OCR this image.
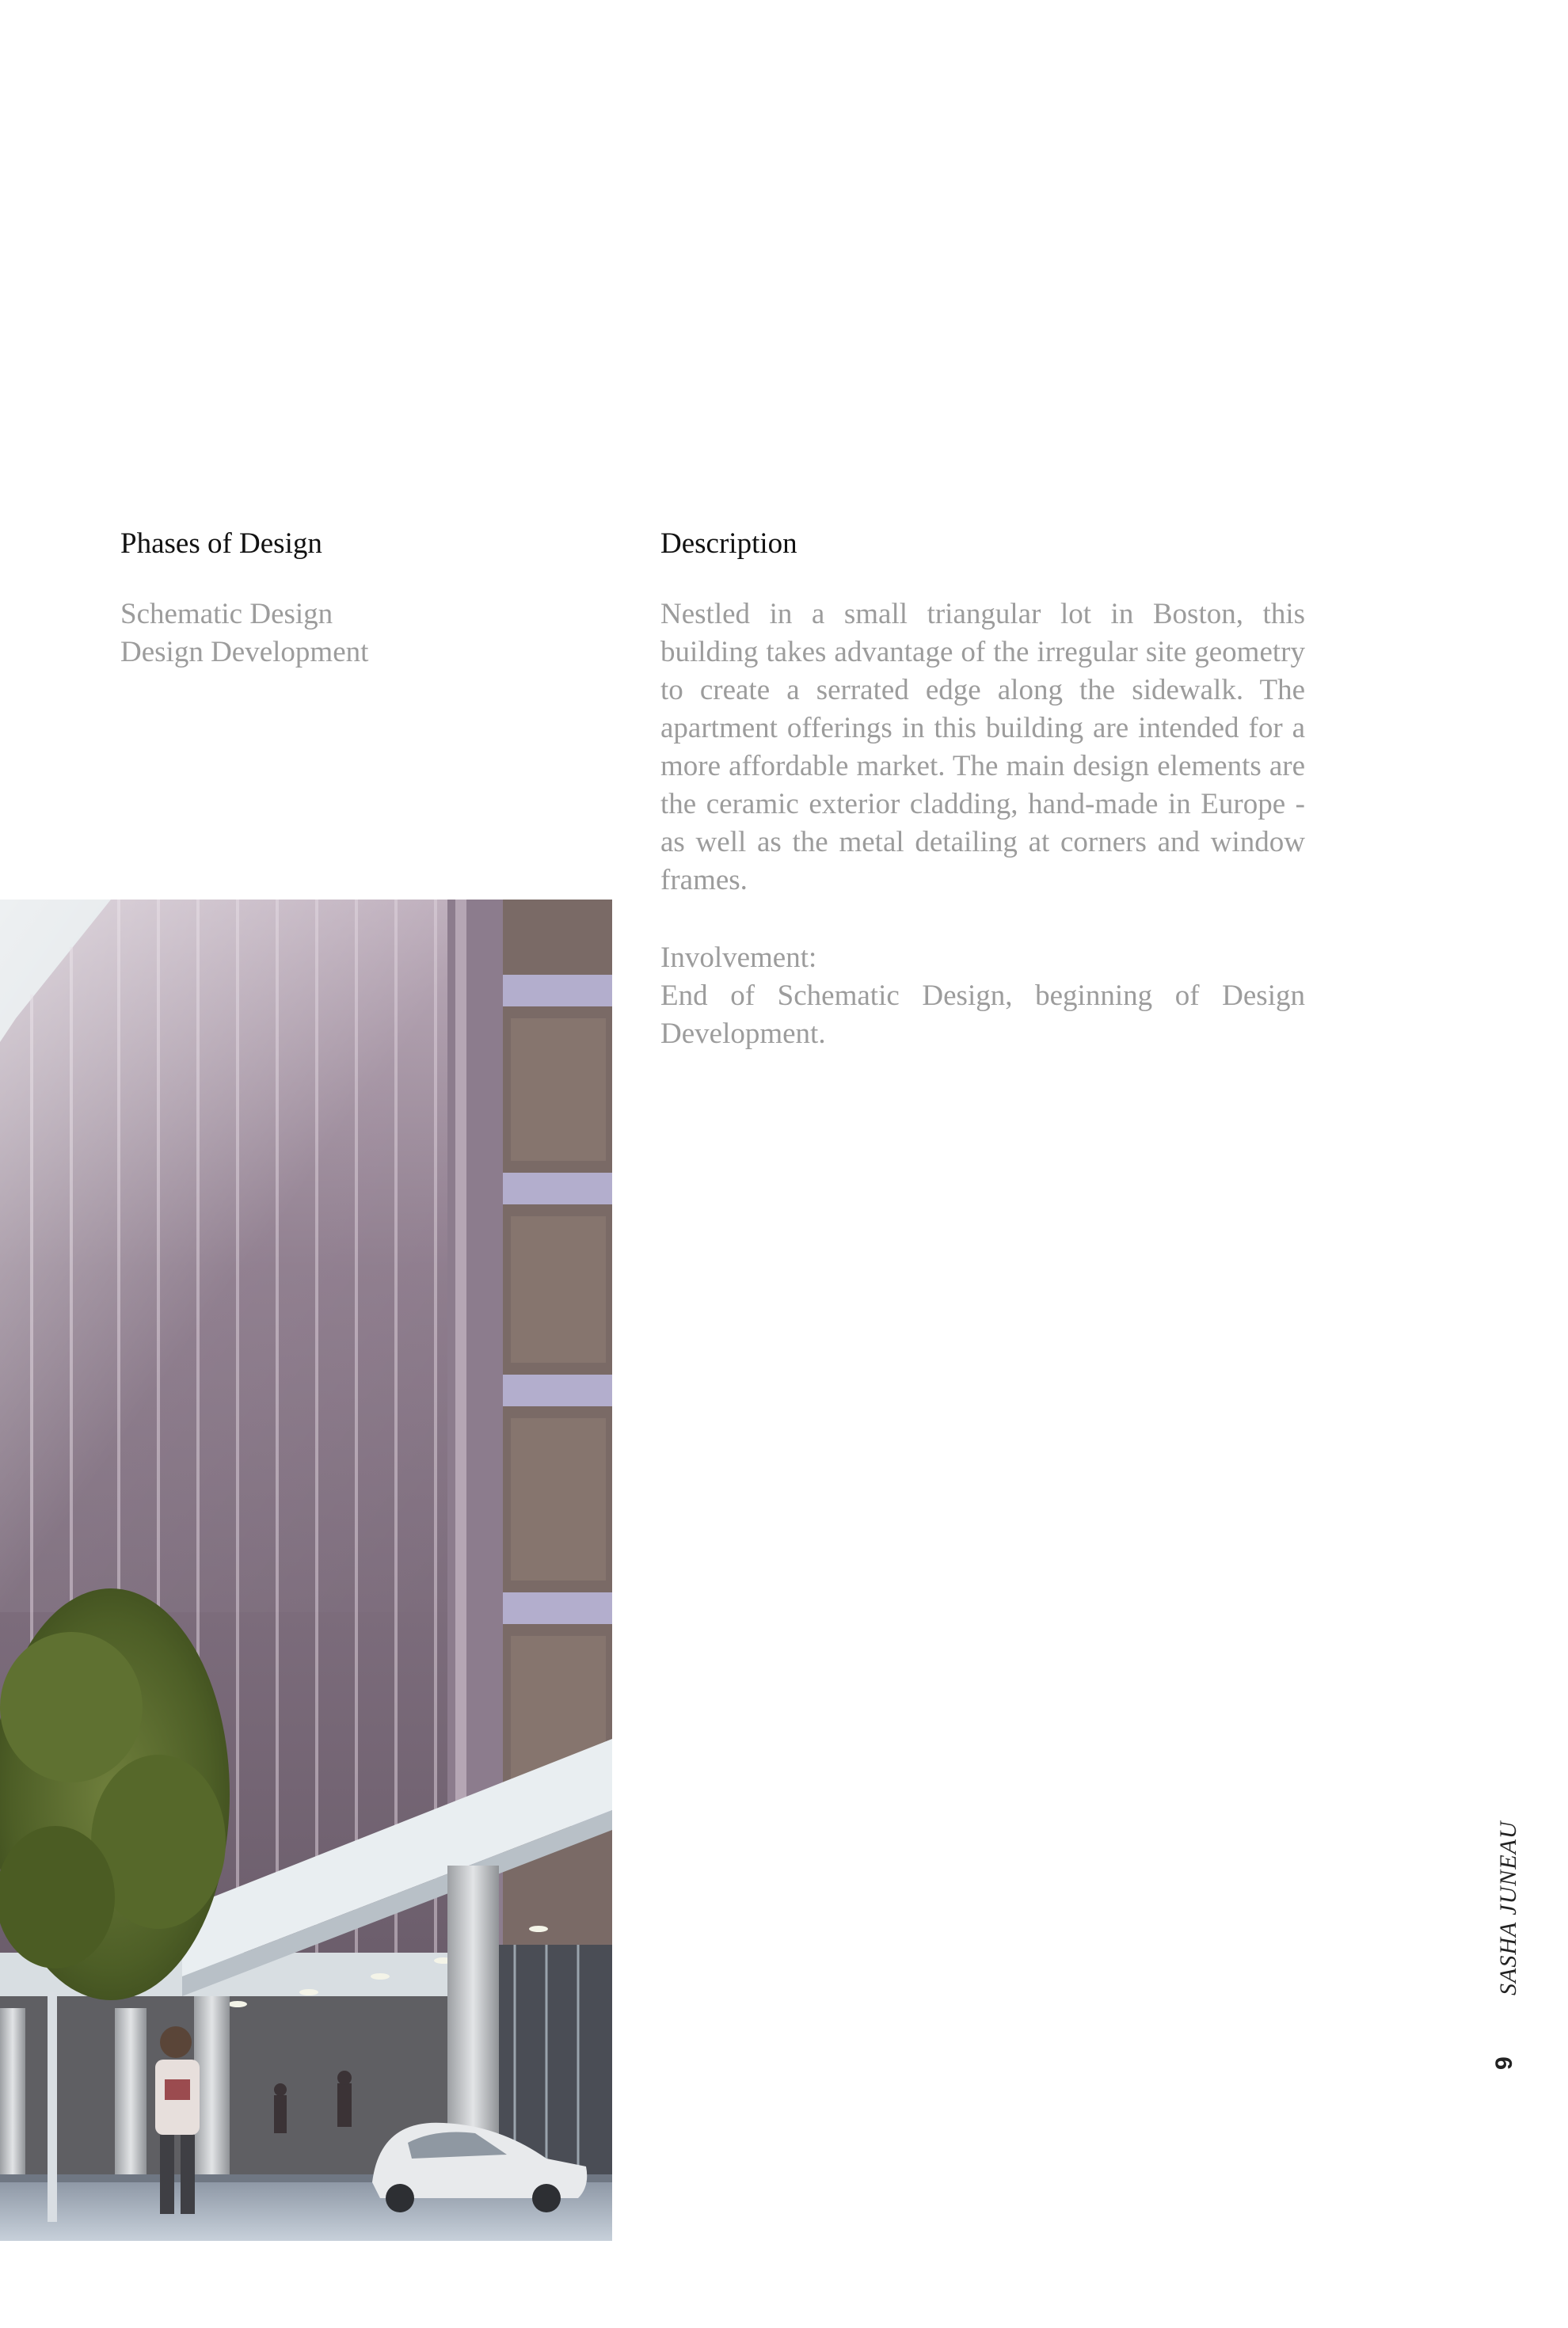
Phases of Design
Schematic Design
Design Development
Description

Nestled in a small triangular lot in Boston, this building takes advantage of the irregular site geometry to create a serrated edge along the sidewalk. The apartment offerings in this building are intended for a more affordable market. The main design elements are the ceramic exterior cladding, hand-made in Europe - as well as the metal detailing at corners and window frames.

Involvement:

End of Schematic Design, beginning of Design Development.

SASHA JUNEAU
9
